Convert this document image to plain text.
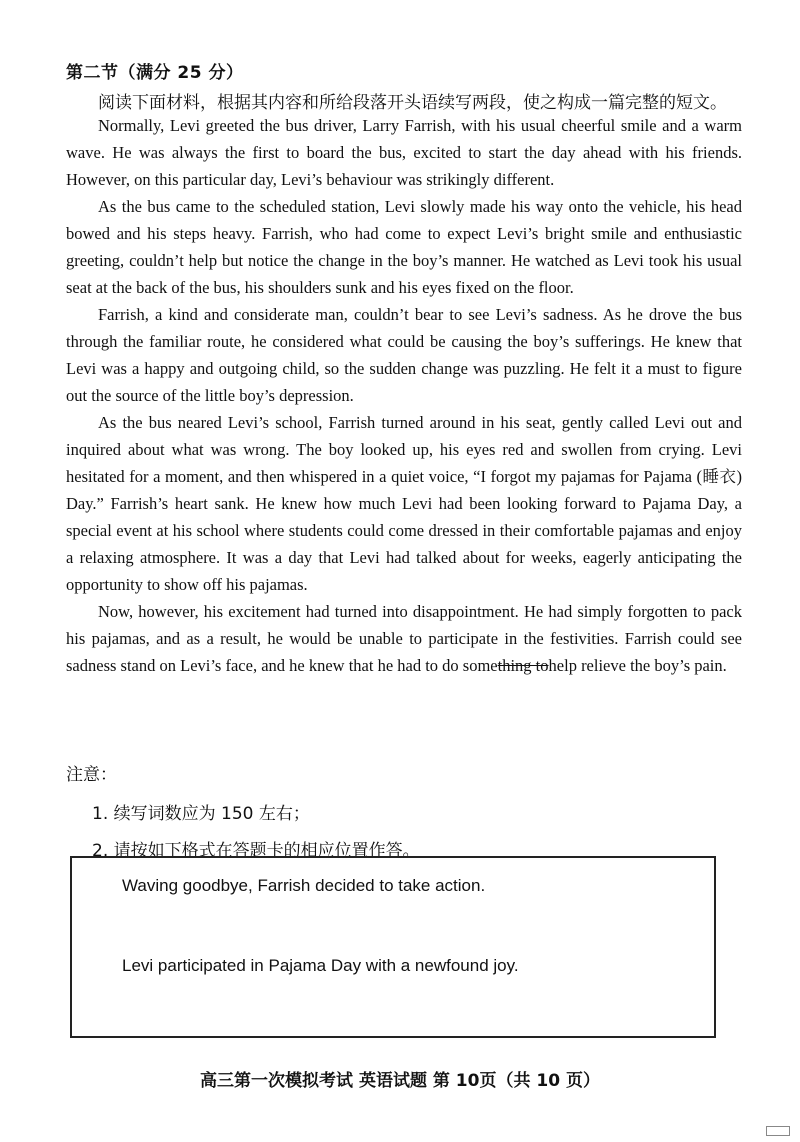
第二节（满分 25 分）
阅读下面材料，根据其内容和所给段落开头语续写两段，使之构成一篇完整的短文。

Normally, Levi greeted the bus driver, Larry Farrish, with his usual cheerful smile and a warm wave. He was always the first to board the bus, excited to start the day ahead with his friends. However, on this particular day, Levi’s behaviour was strikingly different.

As the bus came to the scheduled station, Levi slowly made his way onto the vehicle, his head bowed and his steps heavy. Farrish, who had come to expect Levi’s bright smile and enthusiastic greeting, couldn’t help but notice the change in the boy’s manner. He watched as Levi took his usual seat at the back of the bus, his shoulders sunk and his eyes fixed on the floor.

Farrish, a kind and considerate man, couldn’t bear to see Levi’s sadness. As he drove the bus through the familiar route, he considered what could be causing the boy’s sufferings. He knew that Levi was a happy and outgoing child, so the sudden change was puzzling. He felt it a must to figure out the source of the little boy’s depression.

As the bus neared Levi’s school, Farrish turned around in his seat, gently called Levi out and inquired about what was wrong. The boy looked up, his eyes red and swollen from crying. Levi hesitated for a moment, and then whispered in a quiet voice, “I forgot my pajamas for Pajama (睡衣) Day.” Farrish’s heart sank. He knew how much Levi had been looking forward to Pajama Day, a special event at his school where students could come dressed in their comfortable pajamas and enjoy a relaxing atmosphere. It was a day that Levi had talked about for weeks, eagerly anticipating the opportunity to show off his pajamas.

Now, however, his excitement had turned into disappointment. He had simply forgotten to pack his pajamas, and as a result, he would be unable to participate in the festivities. Farrish could see sadness stand on Levi’s face, and he knew that he had to do something tohelp relieve the boy’s pain.

注意：
1. 续写词数应为 150 左右；
2. 请按如下格式在答题卡的相应位置作答。
Waving goodbye, Farrish decided to take action.
Levi participated in Pajama Day with a newfound joy.
高三第一次模拟考试 英语试题 第 10页（共 10 页）
